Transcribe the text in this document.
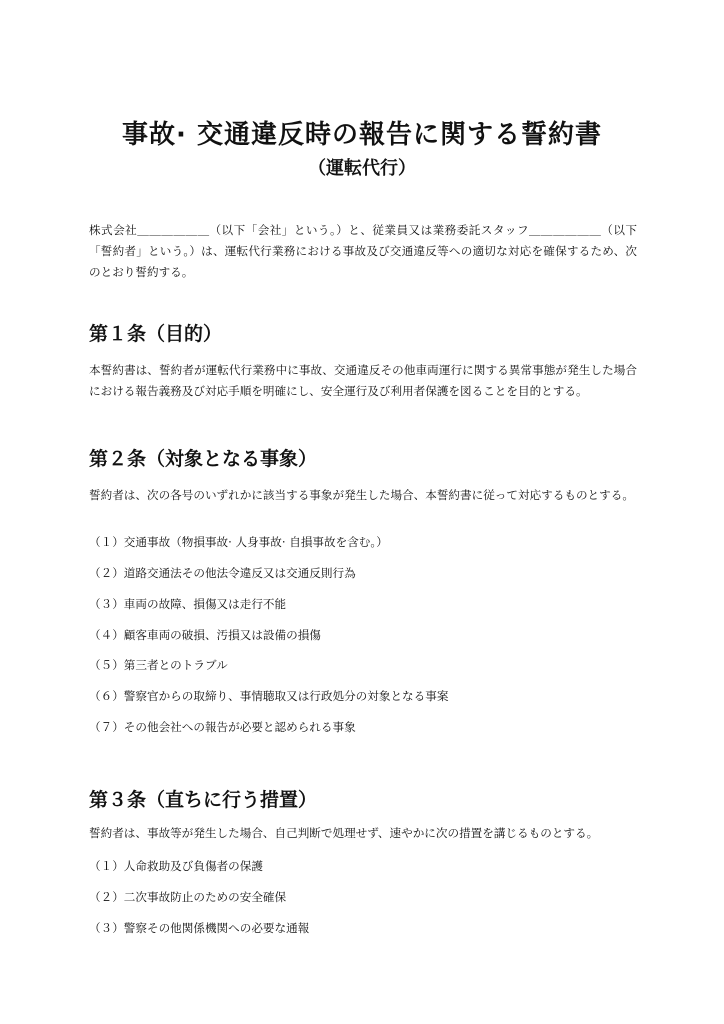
事故· 交通違反時の報告に関する誓約書
（運転代行）
株式会社＿＿＿＿＿＿（以下「会社」という。）と、従業員又は業務委託スタッフ＿＿＿＿＿＿（以下「誓約者」という。）は、運転代行業務における事故及び交通違反等への適切な対応を確保するため、次のとおり誓約する。
第１条（目的）
本誓約書は、誓約者が運転代行業務中に事故、交通違反その他車両運行に関する異常事態が発生した場合における報告義務及び対応手順を明確にし、安全運行及び利用者保護を図ることを目的とする。
第２条（対象となる事象）
誓約者は、次の各号のいずれかに該当する事象が発生した場合、本誓約書に従って対応するものとする。
（１）交通事故（物損事故· 人身事故· 自損事故を含む。）
（２）道路交通法その他法令違反又は交通反則行為
（３）車両の故障、損傷又は走行不能
（４）顧客車両の破損、汚損又は設備の損傷
（５）第三者とのトラブル
（６）警察官からの取締り、事情聴取又は行政処分の対象となる事案
（７）その他会社への報告が必要と認められる事象
第３条（直ちに行う措置）
誓約者は、事故等が発生した場合、自己判断で処理せず、速やかに次の措置を講じるものとする。
（１）人命救助及び負傷者の保護
（２）二次事故防止のための安全確保
（３）警察その他関係機関への必要な通報
